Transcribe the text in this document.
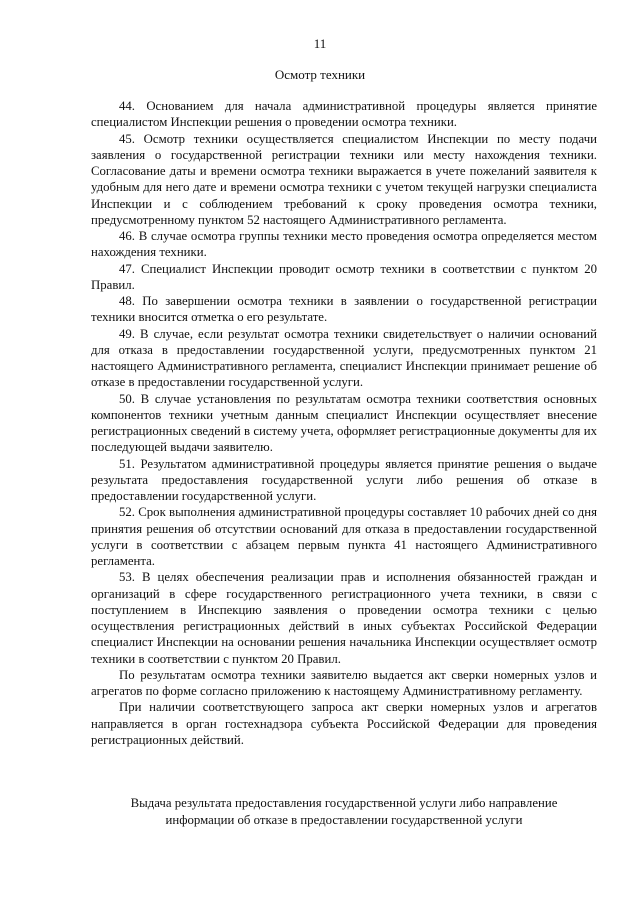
11
Осмотр техники

44. Основанием для начала административной процедуры является принятие специалистом Инспекции решения о проведении осмотра техники.

45. Осмотр техники осуществляется специалистом Инспекции по месту подачи заявления о государственной регистрации техники или месту нахождения техники. Согласование даты и времени осмотра техники выражается в учете пожеланий заявителя к удобным для него дате и времени осмотра техники с учетом текущей нагрузки специалиста Инспекции и с соблюдением требований к сроку проведения осмотра техники, предусмотренному пунктом 52 настоящего Административного регламента.

46. В случае осмотра группы техники место проведения осмотра определяется местом нахождения техники.

47. Специалист Инспекции проводит осмотр техники в соответствии с пунктом 20 Правил.

48. По завершении осмотра техники в заявлении о государственной регистрации техники вносится отметка о его результате.

49. В случае, если результат осмотра техники свидетельствует о наличии оснований для отказа в предоставлении государственной услуги, предусмотренных пунктом 21 настоящего Административного регламента, специалист Инспекции принимает решение об отказе в предоставлении государственной услуги.

50. В случае установления по результатам осмотра техники соответствия основных компонентов техники учетным данным специалист Инспекции осуществляет внесение регистрационных сведений в систему учета, оформляет регистрационные документы для их последующей выдачи заявителю.

51. Результатом административной процедуры является принятие решения о выдаче результата предоставления государственной услуги либо решения об отказе в предоставлении государственной услуги.

52. Срок выполнения административной процедуры составляет 10 рабочих дней со дня принятия решения об отсутствии оснований для отказа в предоставлении государственной услуги в соответствии с абзацем первым пункта 41 настоящего Административного регламента.

53. В целях обеспечения реализации прав и исполнения обязанностей граждан и организаций в сфере государственного регистрационного учета техники, в связи с поступлением в Инспекцию заявления о проведении осмотра техники с целью осуществления регистрационных действий в иных субъектах Российской Федерации специалист Инспекции на основании решения начальника Инспекции осуществляет осмотр техники в соответствии с пунктом 20 Правил.

По результатам осмотра техники заявителю выдается акт сверки номерных узлов и агрегатов по форме согласно приложению к настоящему Административному регламенту.

При наличии соответствующего запроса акт сверки номерных узлов и агрегатов направляется в орган гостехнадзора субъекта Российской Федерации для проведения регистрационных действий.

Выдача результата предоставления государственной услуги либо направление
информации об отказе в предоставлении государственной услуги
